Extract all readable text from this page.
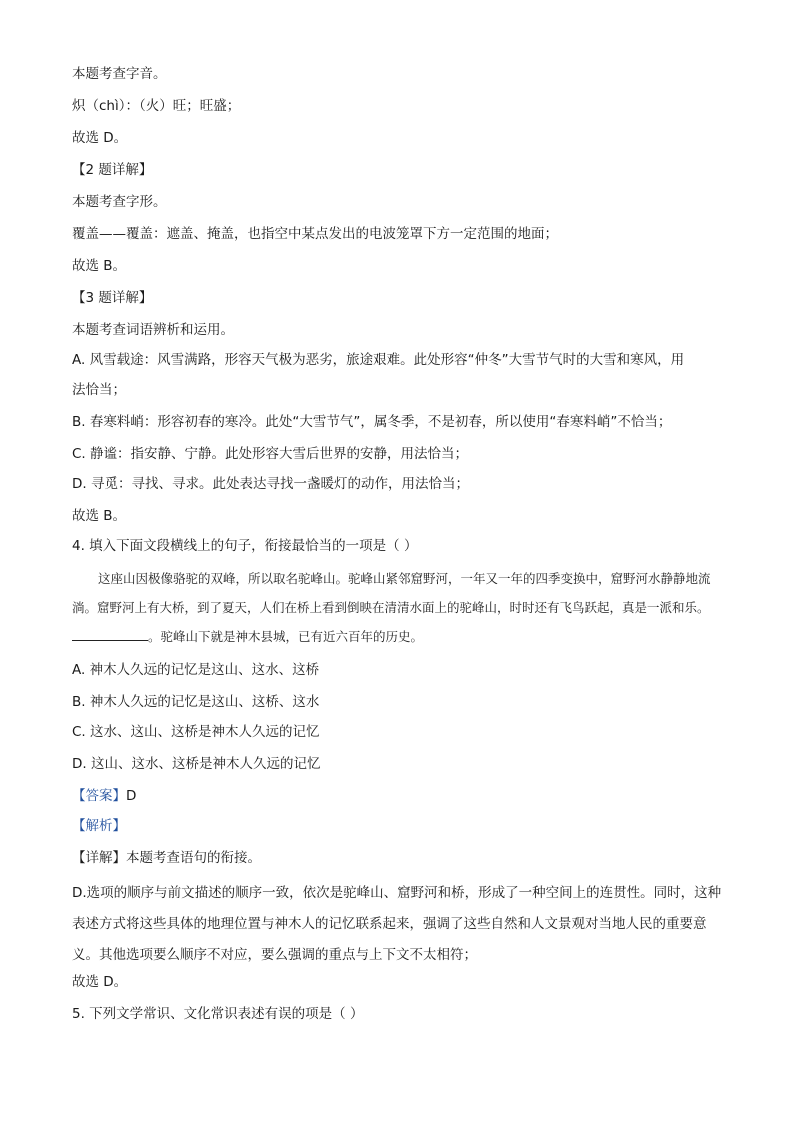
本题考查字音。
炽（chì）：（火）旺；旺盛；
故选 D。
【2 题详解】
本题考查字形。
覆盖——覆盖：遮盖、掩盖，也指空中某点发出的电波笼罩下方一定范围的地面；
故选 B。
【3 题详解】
本题考查词语辨析和运用。
A. 风雪载途：风雪满路，形容天气极为恶劣，旅途艰难。此处形容“仲冬”大雪节气时的大雪和寒风，用
法恰当；
B. 春寒料峭：形容初春的寒冷。此处“大雪节气”，属冬季，不是初春，所以使用“春寒料峭”不恰当；
C. 静谧：指安静、宁静。此处形容大雪后世界的安静，用法恰当；
D. 寻觅：寻找、寻求。此处表达寻找一盏暖灯的动作，用法恰当；
故选 B。
4. 填入下面文段横线上的句子，衔接最恰当的一项是（ ）
这座山因极像骆驼的双峰，所以取名驼峰山。驼峰山紧邻窟野河，一年又一年的四季变换中，窟野河水静静地流淌。窟野河上有大桥，到了夏天，人们在桥上看到倒映在清清水面上的驼峰山，时时还有飞鸟跃起，真是一派和乐。。驼峰山下就是神木县城，已有近六百年的历史。
A. 神木人久远的记忆是这山、这水、这桥
B. 神木人久远的记忆是这山、这桥、这水
C. 这水、这山、这桥是神木人久远的记忆
D. 这山、这水、这桥是神木人久远的记忆
【答案】D
【解析】
【详解】本题考查语句的衔接。
D.选项的顺序与前文描述的顺序一致，依次是驼峰山、窟野河和桥，形成了一种空间上的连贯性。同时，这种表述方式将这些具体的地理位置与神木人的记忆联系起来，强调了这些自然和人文景观对当地人民的重要意义。其他选项要么顺序不对应，要么强调的重点与上下文不太相符；
故选 D。
5. 下列文学常识、文化常识表述有误的项是（ ）
